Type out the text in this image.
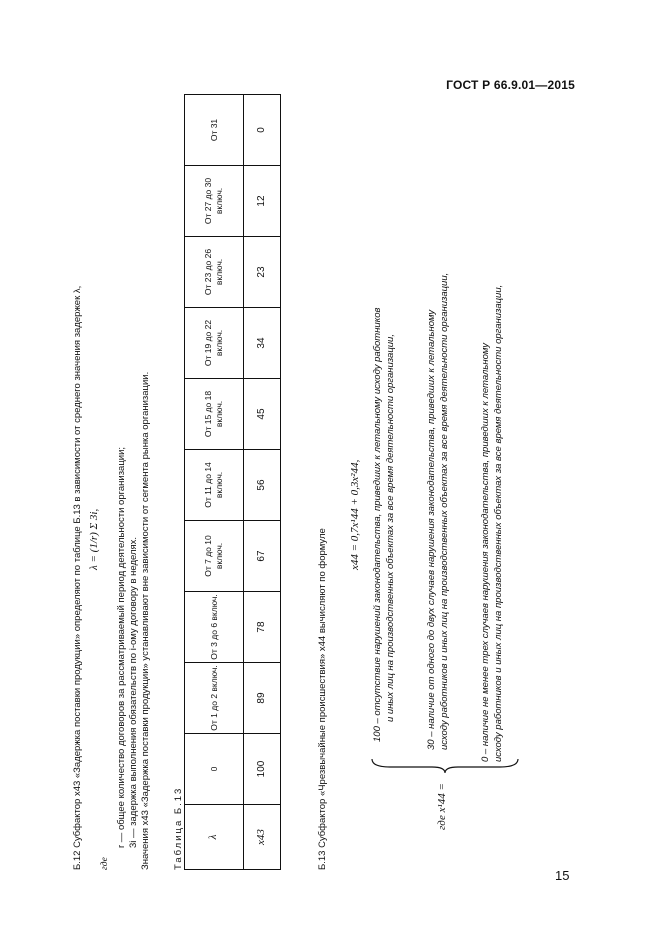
ГОСТ Р 66.9.01—2015
Б.12 Субфактор x43 «Задержка поставки продукции» определяют по таблице Б.13 в зависимости от среднего значения задержек λ, λ = (1/r) Σ 3i,
где
r — общее количество договоров за рассматриваемый период деятельности организации; 3i — задержка выполнения обязательств по i-ому договору в неделях. Значения x43 «Задержка поставки продукции» устанавливают вне зависимости от сегмента рынка организации. Таблица Б.13 λ	0	От 1 до 2 включ.	От 3 до 6 включ.	От 7 до 10 включ.	От 11 до 14 включ.	От 15 до 18 включ.	От 19 до 22 включ.	От 23 до 26 включ.	От 27 до 30 включ.	От 31
x43	100	89	78	67	56	45	34	23	12	0
Б.13 Субфактор «Чрезвычайные происшествия» x44 вычисляют по формуле
x44 = 0,7x¹44 + 0,3x²44,
где x¹44 =
100 – отсутствие нарушений законодательства, приведших к летальному исходу работников и иных лиц на производственных объектах за все время деятельности организации,	30 – наличие от одного до двух случаев нарушения законодательства, приведших к летальному исходу работников и иных лиц на производственных объектах за все время деятельности организации,	0 – наличие не менее трех случаев нарушения законодательства, приведших к летальному исходу работников и иных лиц на производственных объектах за все время деятельности организации,
15
